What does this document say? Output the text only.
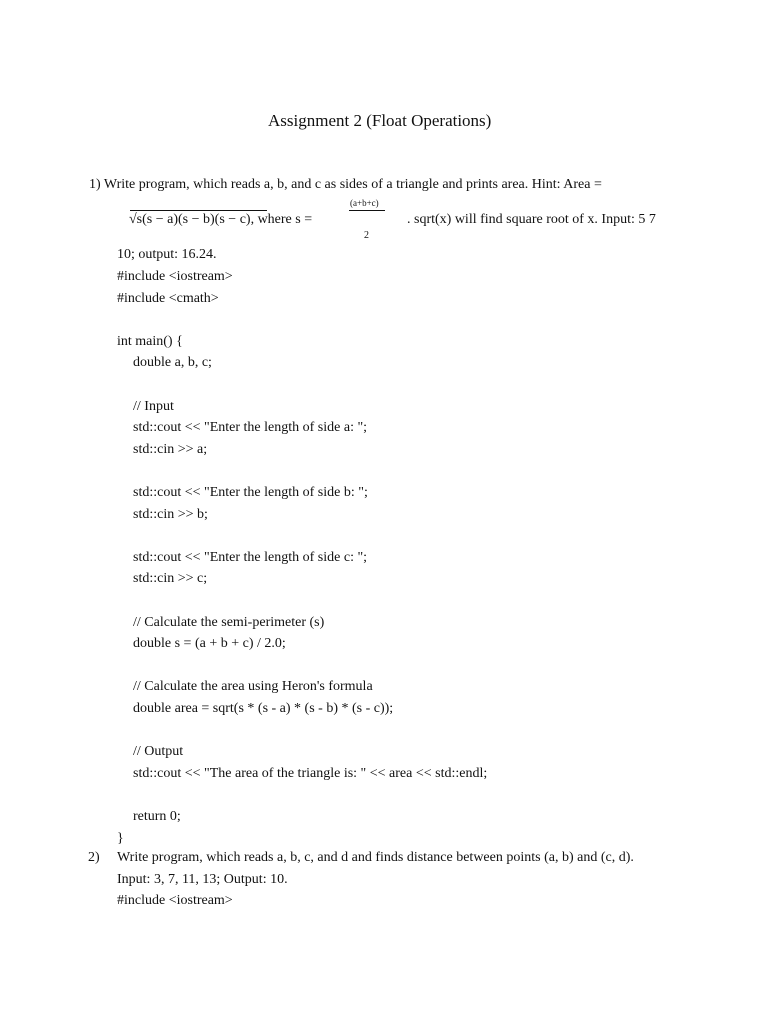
Assignment 2 (Float Operations)
1) Write program, which reads a, b, and c as sides of a triangle and prints area. Hint: Area =
√s(s − a)(s − b)(s − c), where s =
(a+b+c)
2
. sqrt(x) will find square root of x. Input: 5 7
10; output: 16.24.
#include <iostream>
#include <cmath>
int main() {
double a, b, c;
// Input
std::cout << "Enter the length of side a: ";
std::cin >> a;
std::cout << "Enter the length of side b: ";
std::cin >> b;
std::cout << "Enter the length of side c: ";
std::cin >> c;
// Calculate the semi-perimeter (s)
double s = (a + b + c) / 2.0;
// Calculate the area using Heron's formula
double area = sqrt(s * (s - a) * (s - b) * (s - c));
// Output
std::cout << "The area of the triangle is: " << area << std::endl;
return 0;
}
2) Write program, which reads a, b, c, and d and finds distance between points (a, b) and (c, d).
Input: 3, 7, 11, 13; Output: 10.
#include <iostream>
